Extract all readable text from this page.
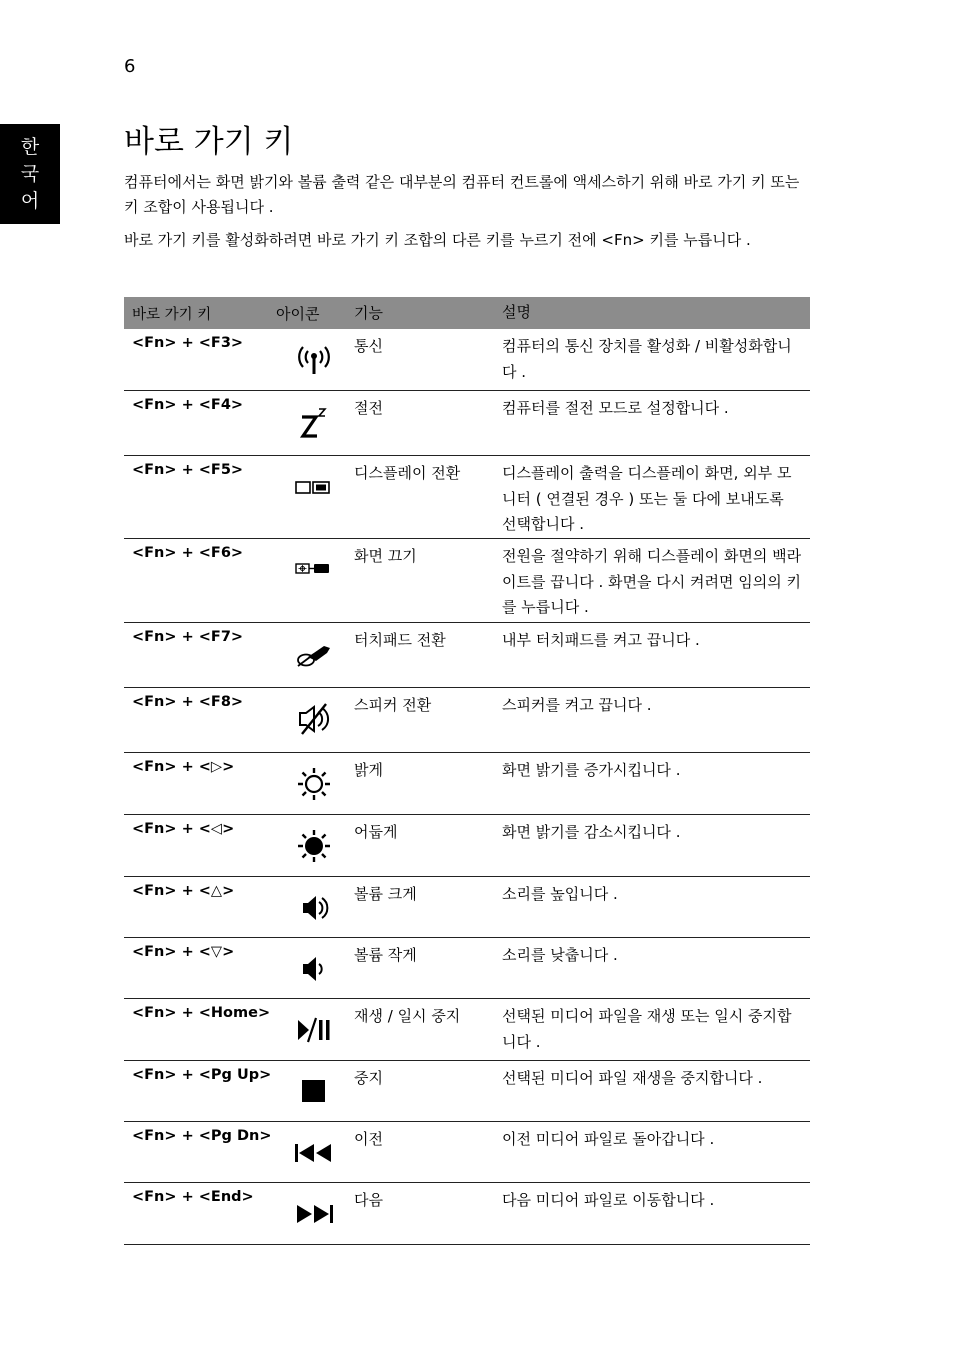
6
한
국
어
바로 가기 키

컴퓨터에서는 화면 밝기와 볼륨 출력 같은 대부분의 컴퓨터 컨트롤에 액세스하기 위해 바로 가기 키 또는 키 조합이 사용됩니다 .

바로 가기 키를 활성화하려면 바로 가기 키 조합의 다른 키를 누르기 전에 <Fn> 키를 누릅니다 .

바로 가기 키	아이콘	기능	설명
<Fn> + <F3>	통신	컴퓨터의 통신 장치를 활성화 / 비활성화합니다 .
<Fn> + <F4>	절전	컴퓨터를 절전 모드로 설정합니다 .
<Fn> + <F5>	디스플레이 전환	디스플레이 출력을 디스플레이 화면, 외부 모니터 ( 연결된 경우 ) 또는 둘 다에 보내도록 선택합니다 .
<Fn> + <F6>	화면 끄기	전원을 절약하기 위해 디스플레이 화면의 백라이트를 끕니다 . 화면을 다시 켜려면 임의의 키를 누릅니다 .
<Fn> + <F7>	터치패드 전환	내부 터치패드를 켜고 끕니다 .
<Fn> + <F8>	스피커 전환	스피커를 켜고 끕니다 .
<Fn> + <▷>	밝게	화면 밝기를 증가시킵니다 .
<Fn> + <◁>	어둡게	화면 밝기를 감소시킵니다 .
<Fn> + <△>	볼륨 크게	소리를 높입니다 .
<Fn> + <▽>	볼륨 작게	소리를 낮춥니다 .
<Fn> + <Home>	재생 / 일시 중지	선택된 미디어 파일을 재생 또는 일시 중지합니다 .
<Fn> + <Pg Up>	중지	선택된 미디어 파일 재생을 중지합니다 .
<Fn> + <Pg Dn>	이전	이전 미디어 파일로 돌아갑니다 .
<Fn> + <End>	다음	다음 미디어 파일로 이동합니다 .
